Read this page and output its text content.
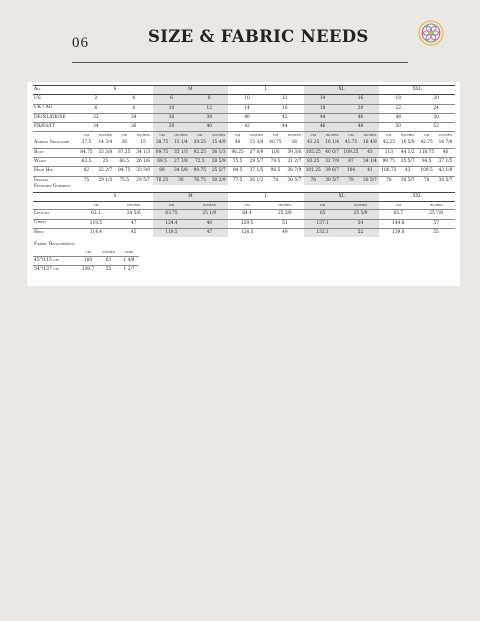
06	SIZE & FABRIC NEEDS
All	S				M				L				XL				XXL			
US	2		4		6		8		10		12		14		16		18		20	
UK / AU	6		8		10		12		14		16		18		20		22		24	
DE/NL/DK/SE	32		34		36		38		40		42		44		46		48		50	
FR/ES/IT	34		36		38		40		42		44		46		48		50		52	
	cm	inches	cm	inches	cm	inches	cm	inches	cm	inches	cm	inches	cm	inches	cm	inches	cm	inches	cm	inches
Across Shoulder	37.5	14 3/4	38	15	38.75	15 1/4	39.25	15 4/9	40	15 3/4	40.75	16	41.25	16 1/4	41.75	16 4/9	42.25	16 5/8	42.75	16 7/8
Bust	84.75	33 3/8	87.25	34 1/3	89.75	35 1/3	92.25	36 1/3	96.25	37 8/9	100	39 3/8	105.25	40 6/7	109.25	43	113	44 1/2	116.75	46
Waist	63.5	25	66.5	26 1/6	69.5	27 3/8	72.5	28 5/9	75.5	29 5/7	79.5	31 2/7	83.25	32 7/9	87	34 1/4	90.75	35 5/7	94.5	37 1/5
High Hip	82	32 2/7	84.75	33 3/8	88	34 5/8	90.75	35 5/7	94.5	37 1/5	98.5	38 7/9	101.25	39 6/7	104	41	106.75	42	109.5	43 1/9
Inseam	75	29 1/3	75.5	29 5/7	76.25	30	76.75	30 2/9	77.5	30 1/2	78	30 5/7	78	30 5/7	78	30 5/7	78	30 5/7	78	30 5/7
Finished Garment
	S		M		L		XL		XXL	
	cm	inches	cm	inches	cm	inches	cm	inches	cm	inches
Length	63.1	24 5/6	63.75	25 1/9	64.4	25 3/8	65	25 5/9	65.7	25 7/8
Chest	119.5	47	124.4	49	129.5	51	137.1	54	144.8	57
Hem	114.4	45	119.5	47	124.5	49	132.1	52	139.8	55
Fabric Requirement
	cm	inches	yard
45"/115 cm	160	63	1 4/9
54"/137 cm	139.7	55	1 2/7
